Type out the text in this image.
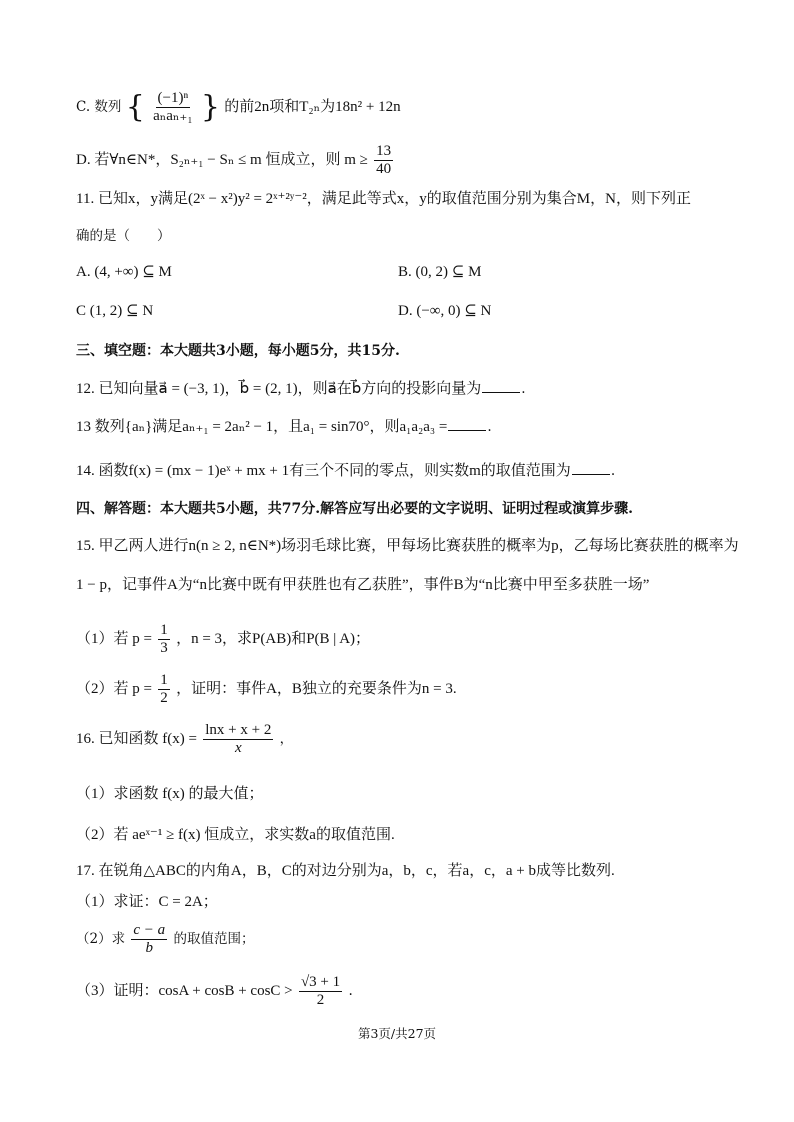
C. 数列 { $\frac{\text{(−1)ⁿ}}{\text{aₙaₙ₊₁}}$ } 的前2n项和T₂ₙ为18n² + 12n
D. 若∀n∈N*，S₂ₙ₊₁ − Sₙ ≤ m 恒成立，则 $m \ge \frac{13}{40}$
11. 已知x，y满足(2ˣ − x²)y² = 2ˣ⁺²ʸ⁻²，满足此等式x，y的取值范围分别为集合M，N，则下列正
确的是（　　）
A. (4, +∞) ⊆ M	B. (0, 2) ⊆ M
C (1, 2) ⊆ N	D. (−∞, 0) ⊆ N
三、填空题：本大题共3小题，每小题5分，共15分.
12. 已知向量a⃗ = (−3, 1)，b⃗ = (2, 1)，则a⃗在b⃗方向的投影向量为	.
13 数列{aₙ}满足aₙ₊₁ = 2aₙ² − 1，且a₁ = sin70°，则a₁a₂a₃ =	.
14. 函数f(x) = (mx − 1)eˣ + mx + 1有三个不同的零点，则实数m的取值范围为	.
四、解答题：本大题共5小题，共77分.解答应写出必要的文字说明、证明过程或演算步骤.
15. 甲乙两人进行n(n ≥ 2, n∈N*)场羽毛球比赛，甲每场比赛获胜的概率为p，乙每场比赛获胜的概率为
1 − p，记事件A为“n比赛中既有甲获胜也有乙获胜”，事件B为“n比赛中甲至多获胜一场”
（1）若 $p = \frac{1}{3}$ ，n = 3，求P(AB)和P(B | A)；
（2）若 $p = \frac{1}{2}$ ，证明：事件A，B独立的充要条件为n = 3.
16. 已知函数 $f(x) = \frac{\ln x + x + 2}{x}$ ，
（1）求函数 f(x) 的最大值；
（2）若 aeˣ⁻¹ ≥ f(x) 恒成立，求实数a的取值范围.
17. 在锐角△ABC的内角A，B，C的对边分别为a，b，c，若a，c，a + b成等比数列.
（1）求证：C = 2A；
（2）求 $\frac{c - a}{b}$ 的取值范围；
（3）证明：$\cos A + \cos B + \cos C > \frac{√3 + 1}{2}$ .
第3页/共27页
